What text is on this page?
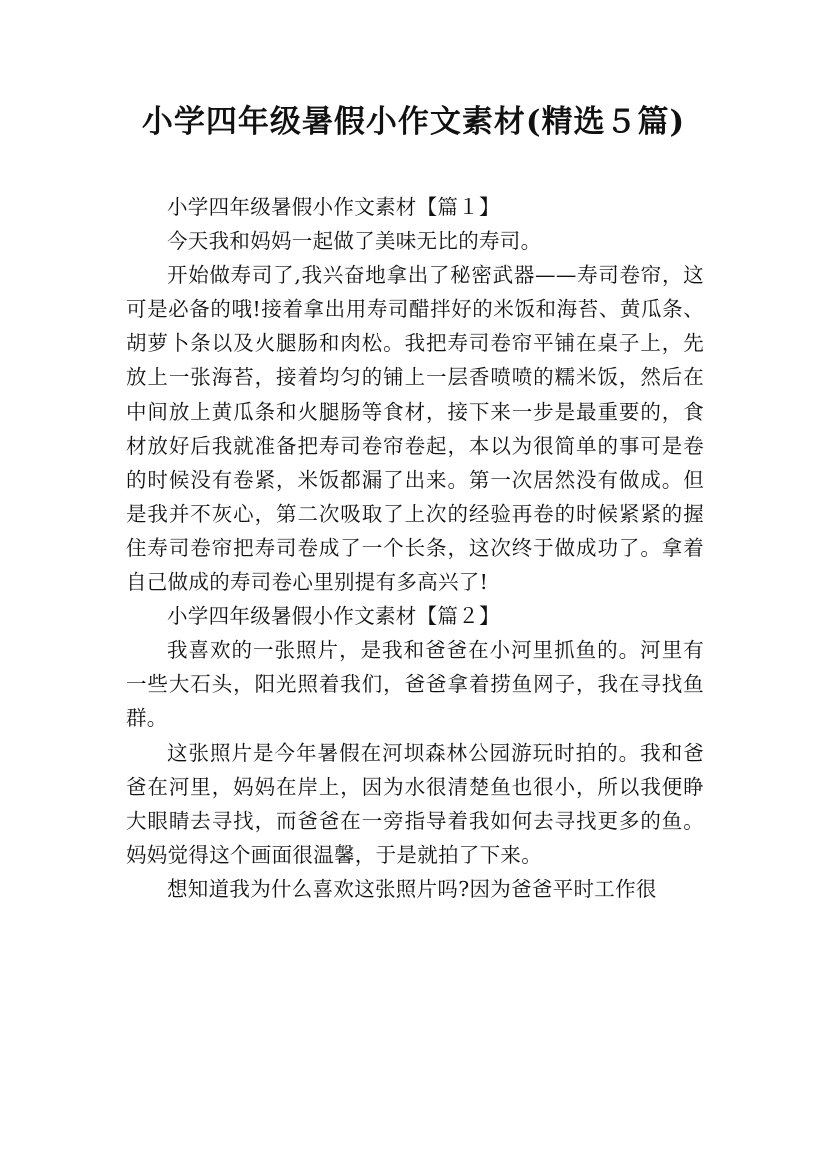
小学四年级暑假小作文素材(精选５篇)

小学四年级暑假小作文素材【篇１】

今天我和妈妈一起做了美味无比的寿司。

开始做寿司了,我兴奋地拿出了秘密武器——寿司卷帘，这可是必备的哦!接着拿出用寿司醋拌好的米饭和海苔、黄瓜条、胡萝卜条以及火腿肠和肉松。我把寿司卷帘平铺在桌子上，先放上一张海苔，接着均匀的铺上一层香喷喷的糯米饭，然后在中间放上黄瓜条和火腿肠等食材，接下来一步是最重要的，食材放好后我就准备把寿司卷帘卷起，本以为很简单的事可是卷的时候没有卷紧，米饭都漏了出来。第一次居然没有做成。但是我并不灰心，第二次吸取了上次的经验再卷的时候紧紧的握住寿司卷帘把寿司卷成了一个长条，这次终于做成功了。拿着自己做成的寿司卷心里别提有多高兴了!

小学四年级暑假小作文素材【篇２】

我喜欢的一张照片，是我和爸爸在小河里抓鱼的。河里有一些大石头，阳光照着我们，爸爸拿着捞鱼网子，我在寻找鱼群。

这张照片是今年暑假在河坝森林公园游玩时拍的。我和爸爸在河里，妈妈在岸上，因为水很清楚鱼也很小，所以我便睁大眼睛去寻找，而爸爸在一旁指导着我如何去寻找更多的鱼。妈妈觉得这个画面很温馨，于是就拍了下来。

想知道我为什么喜欢这张照片吗?因为爸爸平时工作很
